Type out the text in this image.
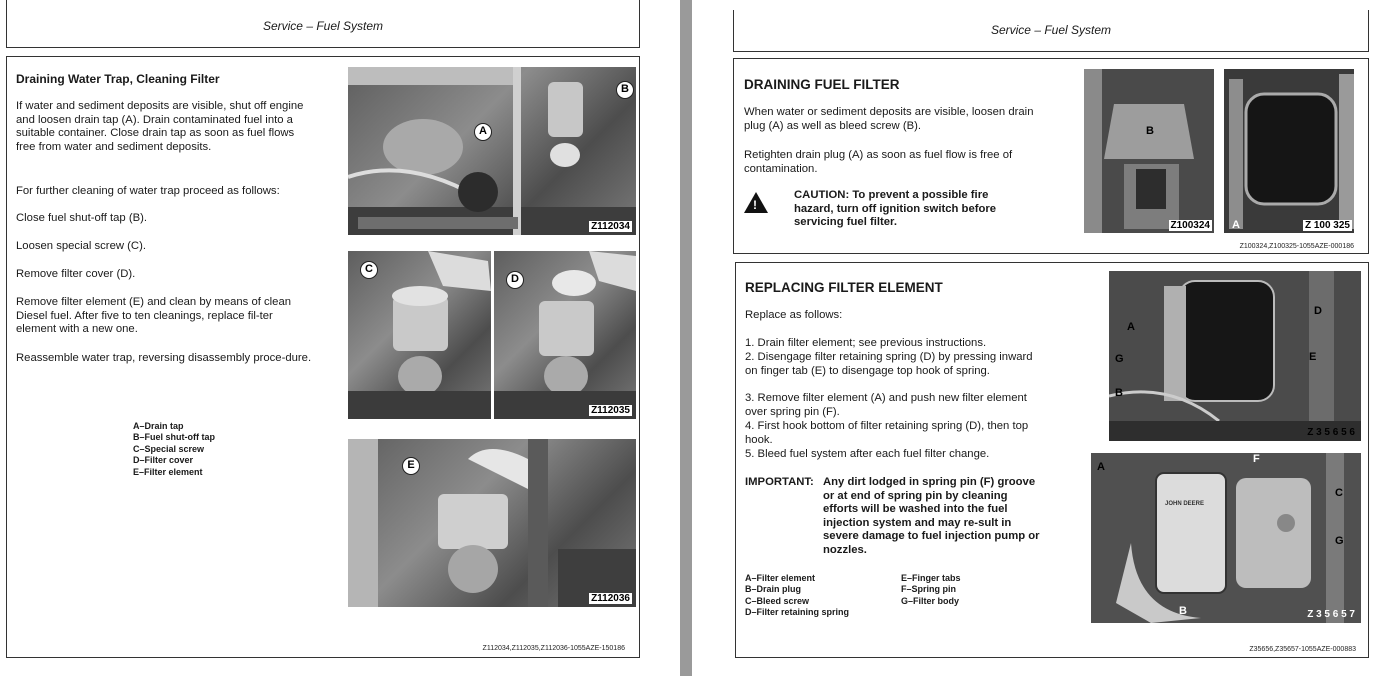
Service – Fuel System
Draining Water Trap, Cleaning Filter
If water and sediment deposits are visible, shut off engine and loosen drain tap (A). Drain contaminated fuel into a suitable container. Close drain tap as soon as fuel flows free from water and sediment deposits.
For further cleaning of water trap proceed as follows:
Close fuel shut-off tap (B).
Loosen special screw (C).
Remove filter cover (D).
Remove filter element (E) and clean by means of clean Diesel fuel. After five to ten cleanings, replace fil-ter element with a new one.
Reassemble water trap, reversing disassembly proce-dure.
A–Drain tap
B–Fuel shut-off tap
C–Special screw
D–Filter cover
E–Filter element
A
B
Z112034
C
D
Z112035
E
Z112036
Z112034,Z112035,Z112036-1055AZE-150186
Service – Fuel System
DRAINING FUEL FILTER
When water or sediment deposits are visible, loosen drain plug (A) as well as bleed screw (B).
Retighten drain plug (A) as soon as fuel flow is free of contamination.
!
CAUTION: To prevent a possible fire hazard, turn off ignition switch before servicing fuel filter.
B
Z100324 A	Z 100 325
Z100324,Z100325-1055AZE-000186
REPLACING FILTER ELEMENT
Replace as follows:
1. Drain filter element; see previous instructions.
2. Disengage filter retaining spring (D) by pressing inward on finger tab (E) to disengage top hook of spring.
3. Remove filter element (A) and push new filter element over spring pin (F).
4. First hook bottom of filter retaining spring (D), then top hook.
5. Bleed fuel system after each fuel filter change.
IMPORTANT: Any dirt lodged in spring pin (F) groove or at end of spring pin by cleaning efforts will be washed into the fuel injection system and may re-sult in severe damage to fuel injection pump or nozzles.
A–Filter element
B–Drain plug
C–Bleed screw
D–Filter retaining spring
E–Finger tabs
F–Spring pin
G–Filter body
A
G
B
D
E
Z 3 5 6 5 6
JOHN DEERE
A
F
C
G
B	Z 3 5 6 5 7
Z35656,Z35657-1055AZE-000883
